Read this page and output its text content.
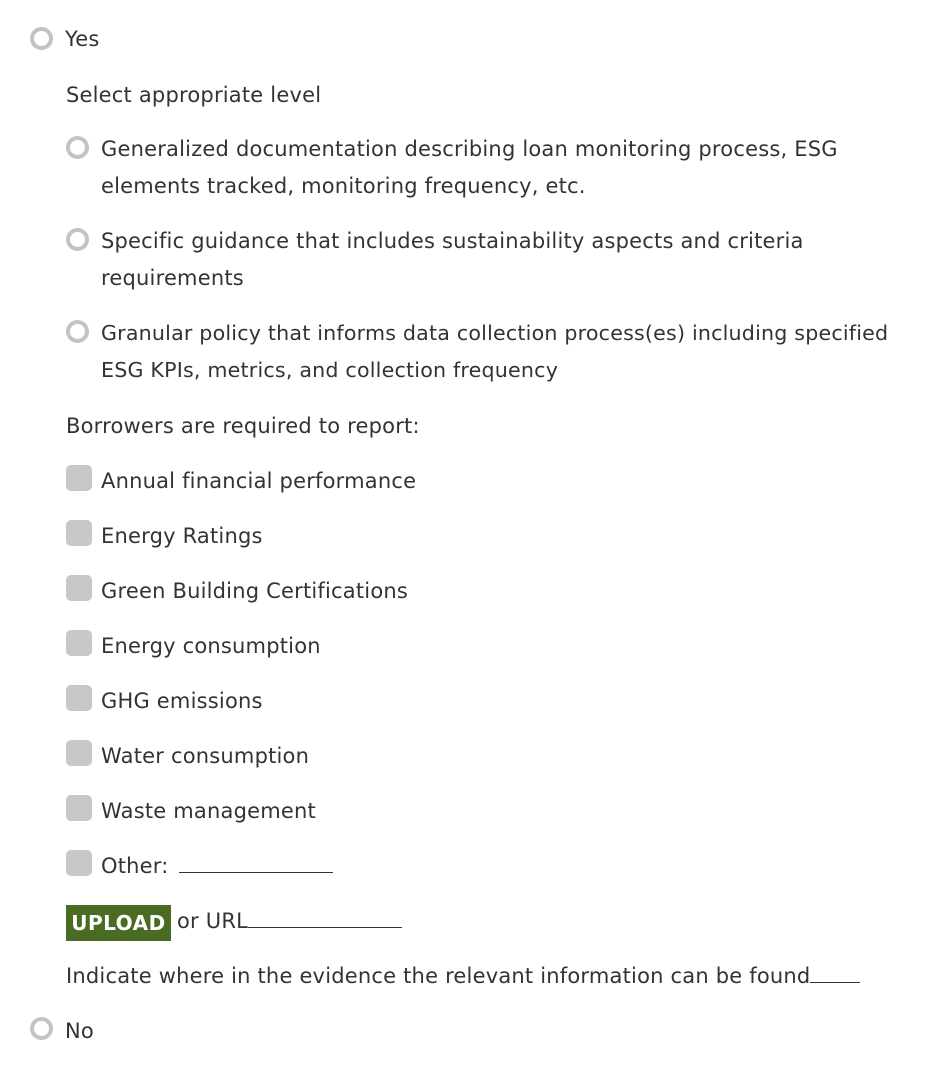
Yes
Select appropriate level
Generalized documentation describing loan monitoring process, ESG
elements tracked, monitoring frequency, etc.
Specific guidance that includes sustainability aspects and criteria
requirements
Granular policy that informs data collection process(es) including specified
ESG KPIs, metrics, and collection frequency
Borrowers are required to report:
Annual financial performance
Energy Ratings
Green Building Certifications
Energy consumption
GHG emissions
Water consumption
Waste management
Other:
UPLOAD or URL
Indicate where in the evidence the relevant information can be found
No
